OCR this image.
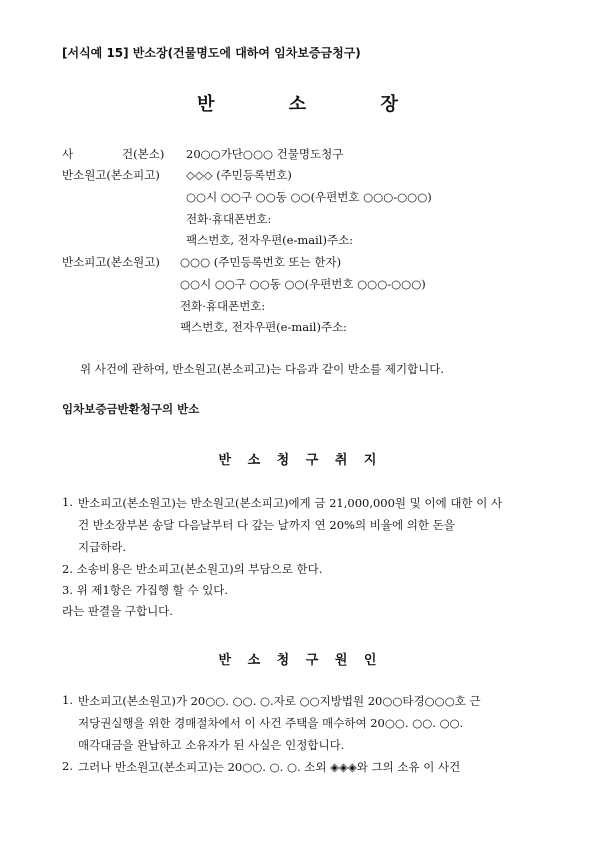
[서식예 15] 반소장(건물명도에 대하여 임차보증금청구)
반 소 장
사	건(본소) 20○○가단○○○ 건물명도청구
반소원고(본소피고) ◇◇◇ (주민등록번호)
○○시 ○○구 ○○동 ○○(우편번호 ○○○-○○○)
전화·휴대폰번호:
팩스번호, 전자우편(e-mail)주소:
반소피고(본소원고) ○○○ (주민등록번호 또는 한자)
○○시 ○○구 ○○동 ○○(우편번호 ○○○-○○○)
전화·휴대폰번호:
팩스번호, 전자우편(e-mail)주소:
위 사건에 관하여, 반소원고(본소피고)는 다음과 같이 반소를 제기합니다.
임차보증금반환청구의 반소
반 소 청 구 취 지
1. 반소피고(본소원고)는 반소원고(본소피고)에게 금 21,000,000원 및 이에 대한 이 사
건 반소장부본 송달 다음날부터 다 갚는 날까지 연 20%의 비율에 의한 돈을
지급하라.
2. 소송비용은 반소피고(본소원고)의 부담으로 한다.
3. 위 제1항은 가집행 할 수 있다.
라는 판결을 구합니다.
반 소 청 구 원 인
1. 반소피고(본소원고)가 20○○. ○○. ○.자로 ○○지방법원 20○○타경○○○호 근
저당권실행을 위한 경매절차에서 이 사건 주택을 매수하여 20○○. ○○. ○○.
매각대금을 완납하고 소유자가 된 사실은 인정합니다.
2. 그러나 반소원고(본소피고)는 20○○. ○. ○. 소외 ◈◈◈와 그의 소유 이 사건
